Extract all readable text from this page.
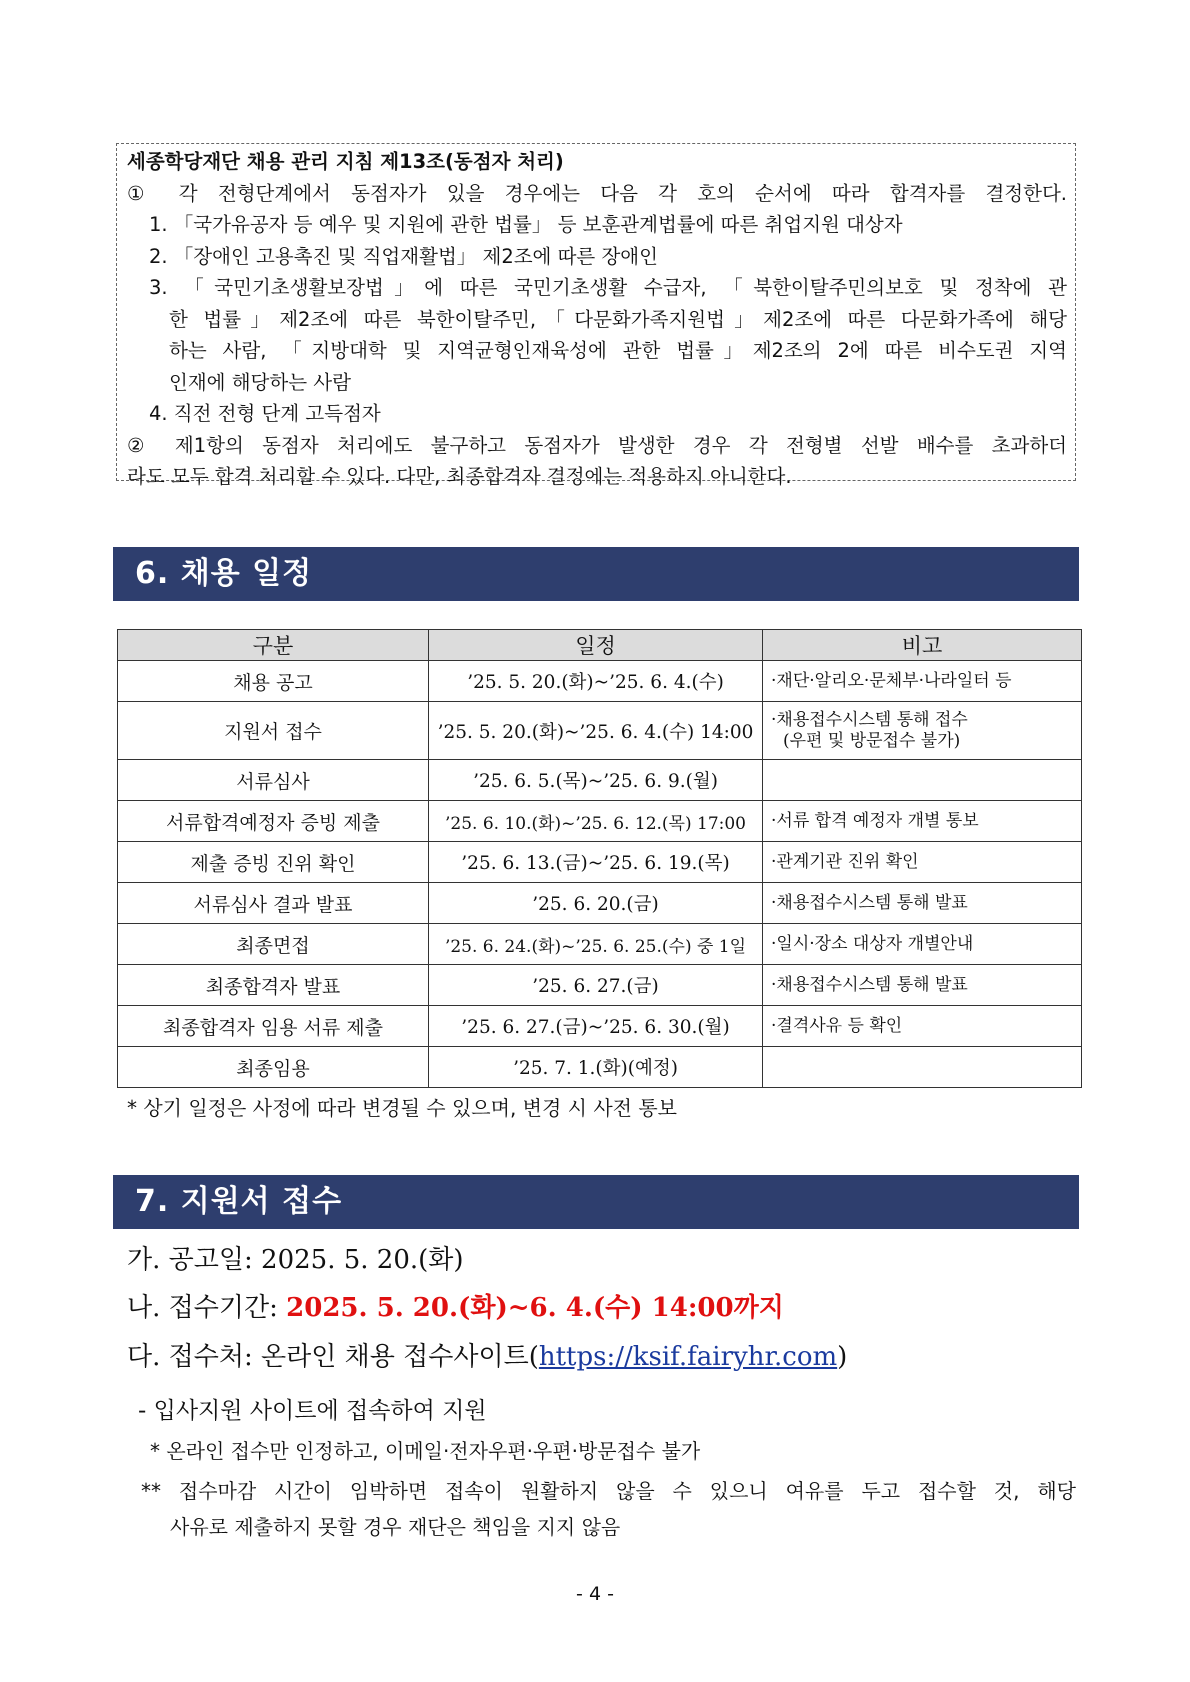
세종학당재단 채용 관리 지침 제13조(동점자 처리)
① 각 전형단계에서 동점자가 있을 경우에는 다음 각 호의 순서에 따라 합격자를 결정한다.
1. 「국가유공자 등 예우 및 지원에 관한 법률」 등 보훈관계법률에 따른 취업지원 대상자
2. 「장애인 고용촉진 및 직업재활법」 제2조에 따른 장애인
3. 「국민기초생활보장법」에 따른 국민기초생활 수급자, 「북한이탈주민의보호 및 정착에 관
한 법률」제2조에 따른 북한이탈주민,「다문화가족지원법」제2조에 따른 다문화가족에 해당
하는 사람, 「지방대학 및 지역균형인재육성에 관한 법률」제2조의 2에 따른 비수도권 지역
인재에 해당하는 사람
4. 직전 전형 단계 고득점자
② 제1항의 동점자 처리에도 불구하고 동점자가 발생한 경우 각 전형별 선발 배수를 초과하더
라도 모두 합격 처리할 수 있다. 다만, 최종합격자 결정에는 적용하지 아니한다.
6. 채용 일정
구분	일정	비고
채용 공고	’25. 5. 20.(화)~’25. 6. 4.(수)	·재단·알리오·문체부·나라일터 등

지원서 접수	’25. 5. 20.(화)~’25. 6. 4.(수) 14:00	·채용접수시스템 통해 접수
(우편 및 방문접수 불가)

서류심사	’25. 6. 5.(목)~’25. 6. 9.(월)	
서류합격예정자 증빙 제출	’25. 6. 10.(화)~’25. 6. 12.(목) 17:00	·서류 합격 예정자 개별 통보

제출 증빙 진위 확인	’25. 6. 13.(금)~’25. 6. 19.(목)	·관계기관 진위 확인

서류심사 결과 발표	’25. 6. 20.(금)	·채용접수시스템 통해 발표

최종면접	’25. 6. 24.(화)~’25. 6. 25.(수) 중 1일	·일시·장소 대상자 개별안내

최종합격자 발표	’25. 6. 27.(금)	·채용접수시스템 통해 발표

최종합격자 임용 서류 제출	’25. 6. 27.(금)~’25. 6. 30.(월)	·결격사유 등 확인

최종임용	’25. 7. 1.(화)(예정)	
* 상기 일정은 사정에 따라 변경될 수 있으며, 변경 시 사전 통보
7. 지원서 접수
가. 공고일: 2025. 5. 20.(화)
나. 접수기간: 2025. 5. 20.(화)~6. 4.(수) 14:00까지
다. 접수처: 온라인 채용 접수사이트(https://ksif.fairyhr.com)
- 입사지원 사이트에 접속하여 지원
* 온라인 접수만 인정하고, 이메일·전자우편·우편·방문접수 불가
** 접수마감 시간이 임박하면 접속이 원활하지 않을 수 있으니 여유를 두고 접수할 것, 해당
사유로 제출하지 못할 경우 재단은 책임을 지지 않음
- 4 -
